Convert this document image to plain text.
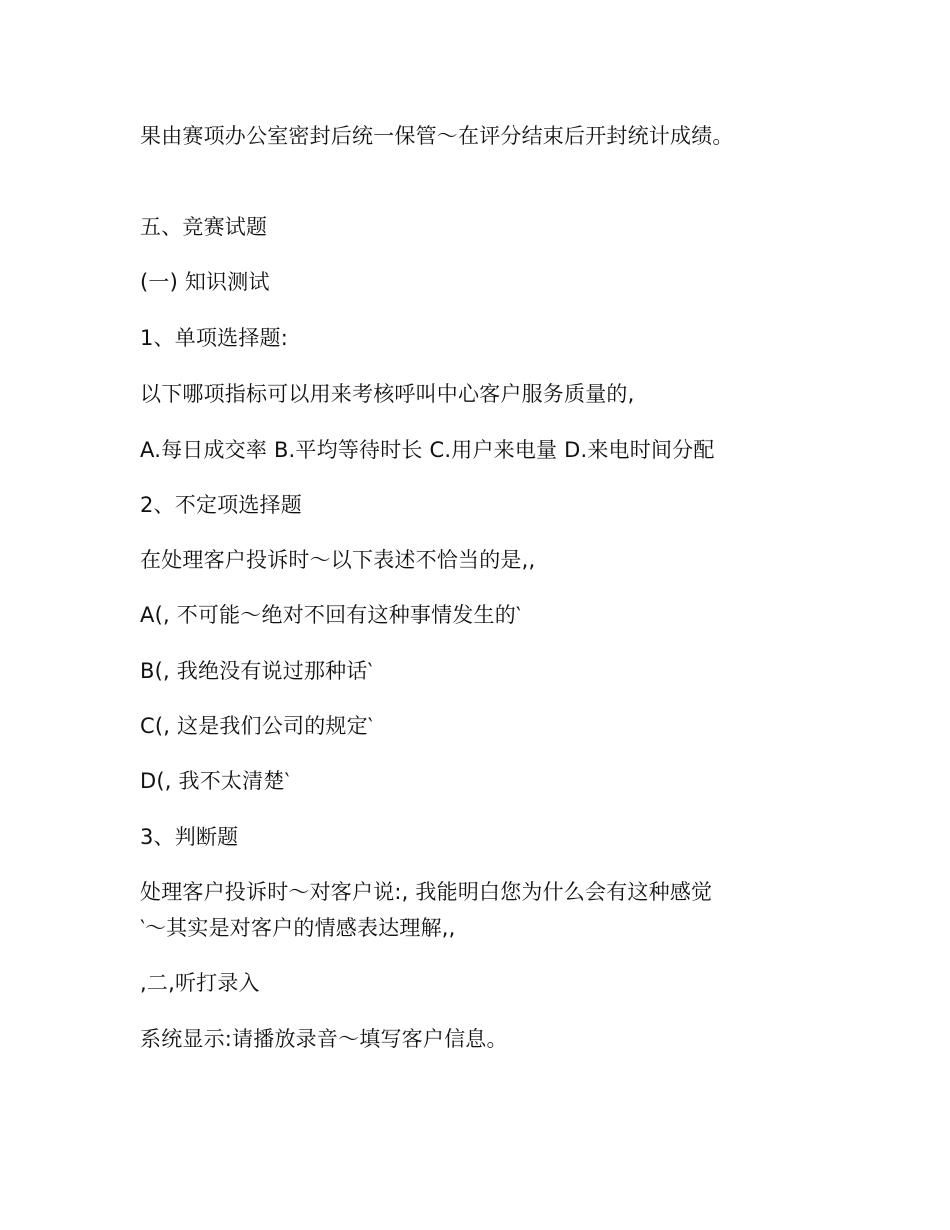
果由赛项办公室密封后统一保管～在评分结束后开封统计成绩。
五、竞赛试题
(一) 知识测试
1、单项选择题:
以下哪项指标可以用来考核呼叫中心客户服务质量的,
A.每日成交率 B.平均等待时长 C.用户来电量 D.来电时间分配
2、不定项选择题
在处理客户投诉时～以下表述不恰当的是,,
A(, 不可能～绝对不回有这种事情发生的‵
B(, 我绝没有说过那种话‵
C(, 这是我们公司的规定‵
D(, 我不太清楚‵
3、判断题
处理客户投诉时～对客户说:, 我能明白您为什么会有这种感觉
‵～其实是对客户的情感表达理解,,
,二,听打录入
系统显示:请播放录音～填写客户信息。
